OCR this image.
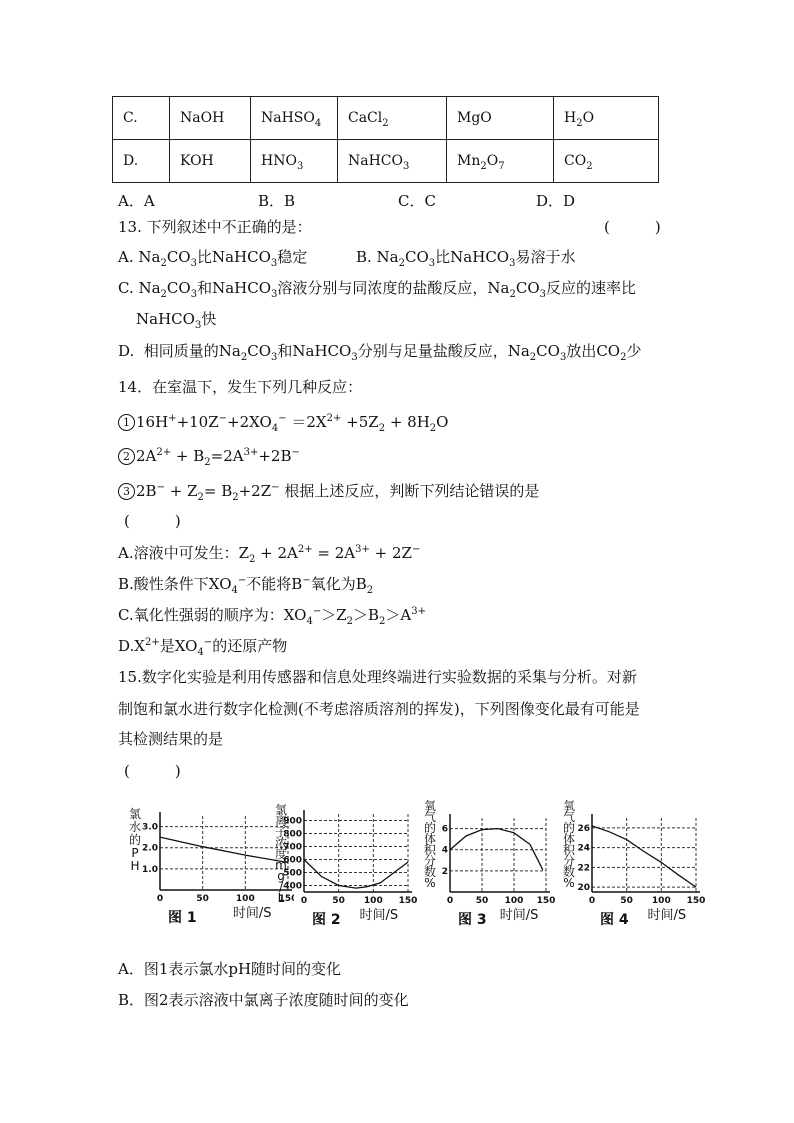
C.	NaOH	NaHSO$_4$	CaCl$_2$	MgO	$H_2O$
D.	KOH	$HNO_3$	NaHCO$_3$	$Mn_2O_7$	$CO_2$
A．A	B．B	C．C	D．D
13. 下列叙述中不正确的是：	(　　　)
A. $Na_2CO_3$比NaHCO$_3$稳定	B. $Na_2CO_3$比NaHCO$_3$易溶于水
C. $Na_2CO_3$和NaHCO$_3$溶液分别与同浓度的盐酸反应，$Na_2CO_3$反应的速率比
NaHCO$_3$快
D.  相同质量的$Na_2CO_3$和NaHCO$_3$分别与足量盐酸反应，$Na_2CO_3$放出$CO_2$少
14．在室温下，发生下列几种反应：
1 $16H^++10Z^-+2XO_4^- =2X^{2+} +5Z_2 + 8H_2O$
2 $2A^{2+} + B_2=2A^{3+}+2B^-$
3 $2B^- + Z_2= B_2+2Z^-$ 根据上述反应，判断下列结论错误的是
(　　　)
A.溶液中可发生：$Z_2 + 2A^{2+} = 2A^{3+} + 2Z^-$
B.酸性条件下$XO_4^-$不能将B−氧化为$B_2$
C.氧化性强弱的顺序为：$XO_4^->Z_2>B_2>A^{3+}$
$D.X^{2+}$是$XO_4^-$的还原产物
15.数字化实验是利用传感器和信息处理终端进行实验数据的采集与分析。对新
制饱和氯水进行数字化检测(不考虑溶质溶剂的挥发)，下列图像变化最有可能是
其检测结果的是
(　　　)
0	50	100	15
1.0
2.0
3.0
氯
水
的
P
H
时间/S
图 1
0	50 100 150
400
500
600
700
800
900
氯
离
子
浓
度
m
g
/
L
时间/S
图 2
0	50 100 150
2
4
6
氧
气
的
体
积
分
数
%
时间/S
图 3
0	50 100 150
20
22
24
26
氧
气
的
体
积
分
数
%
时间/S
图 4
A．图1表示氯水pH随时间的变化
B．图2表示溶液中氯离子浓度随时间的变化
